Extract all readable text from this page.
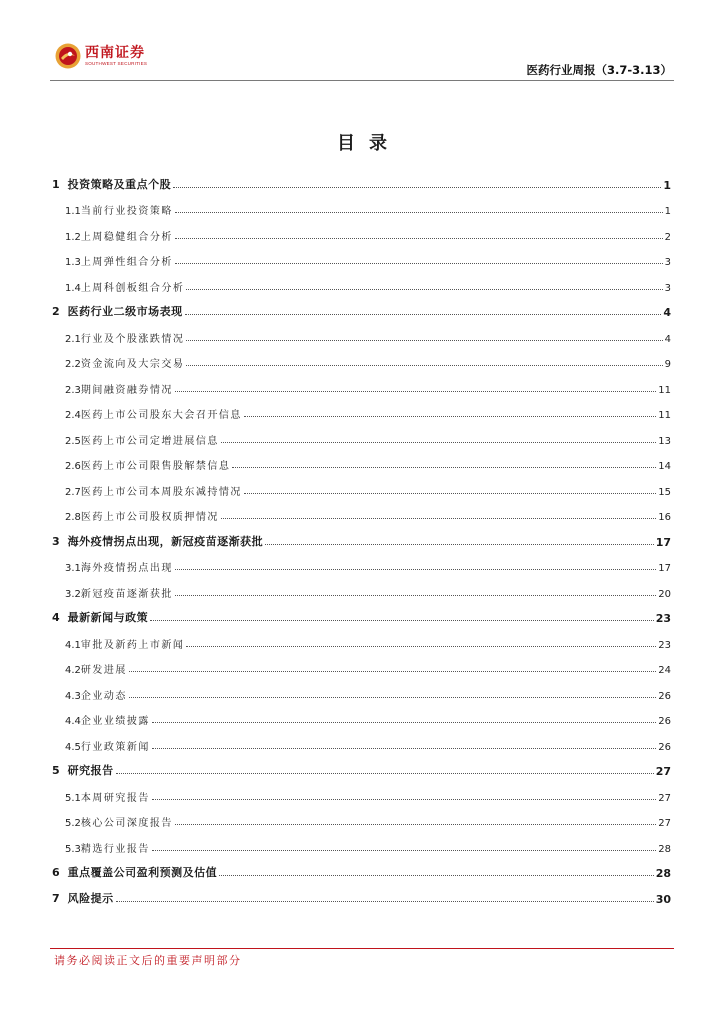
西南证券
SOUTHWEST SECURITIES	医药行业周报（3.7-3.13）
目录
1 投资策略及重点个股	1
1.1当前行业投资策略	1
1.2上周稳健组合分析	2
1.3上周弹性组合分析	3
1.4上周科创板组合分析	3
2 医药行业二级市场表现	4
2.1行业及个股涨跌情况	4
2.2资金流向及大宗交易	9
2.3期间融资融券情况	11
2.4医药上市公司股东大会召开信息	11
2.5医药上市公司定增进展信息	13
2.6医药上市公司限售股解禁信息	14
2.7医药上市公司本周股东减持情况	15
2.8医药上市公司股权质押情况	16
3 海外疫情拐点出现，新冠疫苗逐渐获批	17
3.1海外疫情拐点出现	17
3.2新冠疫苗逐渐获批	20
4 最新新闻与政策	23
4.1审批及新药上市新闻	23
4.2研发进展	24
4.3企业动态	26
4.4企业业绩披露	26
4.5行业政策新闻	26
5 研究报告	27
5.1本周研究报告	27
5.2核心公司深度报告	27
5.3精选行业报告	28
6 重点覆盖公司盈利预测及估值	28
7 风险提示	30
请务必阅读正文后的重要声明部分
